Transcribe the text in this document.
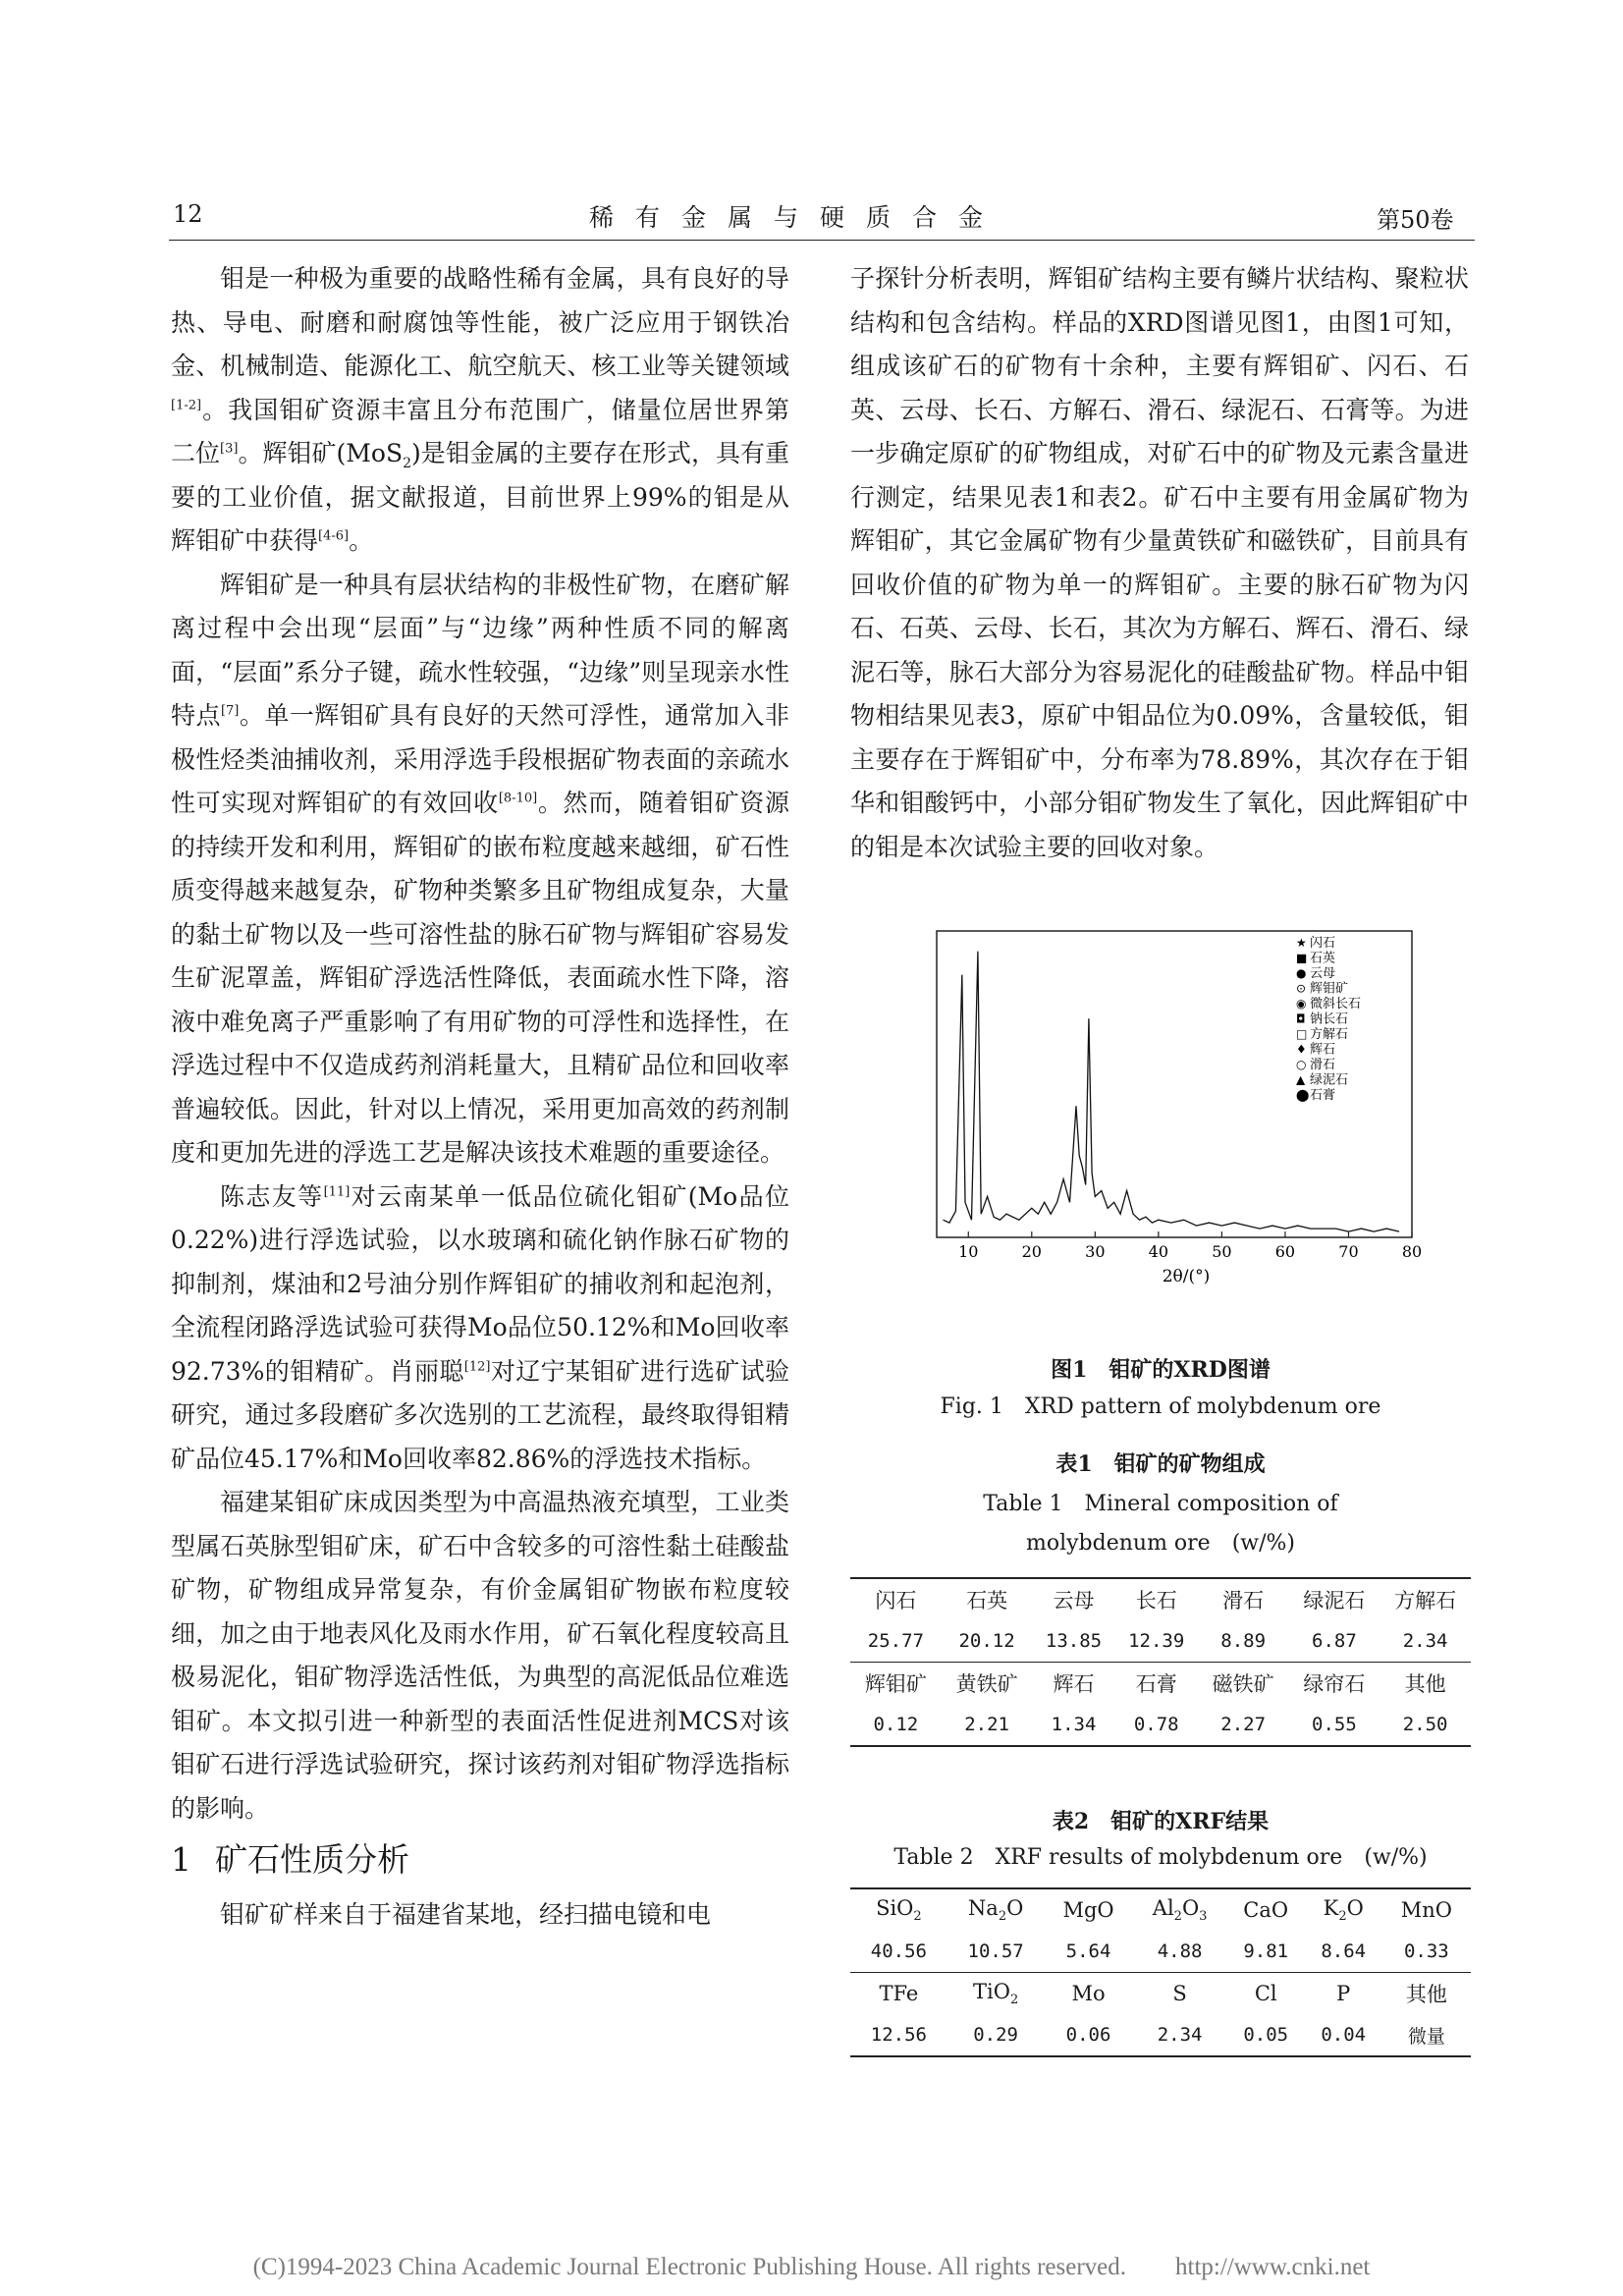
12	稀有金属与硬质合金	第50卷

钼是一种极为重要的战略性稀有金属，具有良好的导热、导电、耐磨和耐腐蚀等性能，被广泛应用于钢铁冶金、机械制造、能源化工、航空航天、核工业等关键领域[1-2]。我国钼矿资源丰富且分布范围广，储量位居世界第二位[3]。辉钼矿(MoS$_2$)是钼金属的主要存在形式，具有重要的工业价值，据文献报道，目前世界上99%的钼是从辉钼矿中获得[4-6]。

辉钼矿是一种具有层状结构的非极性矿物，在磨矿解离过程中会出现“层面”与“边缘”两种性质不同的解离面，“层面”系分子键，疏水性较强，“边缘”则呈现亲水性特点[7]。单一辉钼矿具有良好的天然可浮性，通常加入非极性烃类油捕收剂，采用浮选手段根据矿物表面的亲疏水性可实现对辉钼矿的有效回收[8-10]。然而，随着钼矿资源的持续开发和利用，辉钼矿的嵌布粒度越来越细，矿石性质变得越来越复杂，矿物种类繁多且矿物组成复杂，大量的黏土矿物以及一些可溶性盐的脉石矿物与辉钼矿容易发生矿泥罩盖，辉钼矿浮选活性降低，表面疏水性下降，溶液中难免离子严重影响了有用矿物的可浮性和选择性，在浮选过程中不仅造成药剂消耗量大，且精矿品位和回收率普遍较低。因此，针对以上情况，采用更加高效的药剂制度和更加先进的浮选工艺是解决该技术难题的重要途径。

陈志友等[11]对云南某单一低品位硫化钼矿(Mo品位0.22%)进行浮选试验，以水玻璃和硫化钠作脉石矿物的抑制剂，煤油和2号油分别作辉钼矿的捕收剂和起泡剂，全流程闭路浮选试验可获得Mo品位50.12%和Mo回收率92.73%的钼精矿。肖丽聪[12]对辽宁某钼矿进行选矿试验研究，通过多段磨矿多次选别的工艺流程，最终取得钼精矿品位45.17%和Mo回收率82.86%的浮选技术指标。

福建某钼矿床成因类型为中高温热液充填型，工业类型属石英脉型钼矿床，矿石中含较多的可溶性黏土硅酸盐矿物，矿物组成异常复杂，有价金属钼矿物嵌布粒度较细，加之由于地表风化及雨水作用，矿石氧化程度较高且极易泥化，钼矿物浮选活性低，为典型的高泥低品位难选钼矿。本文拟引进一种新型的表面活性促进剂MCS对该钼矿石进行浮选试验研究，探讨该药剂对钼矿物浮选指标的影响。

1 矿石性质分析

钼矿矿样来自于福建省某地，经扫描电镜和电

子探针分析表明，辉钼矿结构主要有鳞片状结构、聚粒状结构和包含结构。样品的XRD图谱见图1，由图1可知，组成该矿石的矿物有十余种，主要有辉钼矿、闪石、石英、云母、长石、方解石、滑石、绿泥石、石膏等。为进一步确定原矿的矿物组成，对矿石中的矿物及元素含量进行测定，结果见表1和表2。矿石中主要有用金属矿物为辉钼矿，其它金属矿物有少量黄铁矿和磁铁矿，目前具有回收价值的矿物为单一的辉钼矿。主要的脉石矿物为闪石、石英、云母、长石，其次为方解石、辉石、滑石、绿泥石等，脉石大部分为容易泥化的硅酸盐矿物。样品中钼物相结果见表3，原矿中钼品位为0.09%，含量较低，钼主要存在于辉钼矿中，分布率为78.89%，其次存在于钼华和钼酸钙中，小部分钼矿物发生了氧化，因此辉钼矿中的钼是本次试验主要的回收对象。

10	20	30	40	50	60	70	80
★ 闪石
■ 石英
● 云母
⊙ 辉钼矿
◉ 微斜长石
◘ 钠长石
□ 方解石
♦ 辉石
○ 滑石
▲ 绿泥石
⬤ 石膏
2θ/(°)
图1　钼矿的XRD图谱
Fig. 1　XRD pattern of molybdenum ore
表1　钼矿的矿物组成
Table 1　Mineral composition of
molybdenum ore　(w/%)
闪石	石英	云母	长石	滑石	绿泥石	方解石
25.77	20.12	13.85	12.39	8.89	6.87	2.34
辉钼矿	黄铁矿	辉石	石膏	磁铁矿	绿帘石	其他
0.12	2.21	1.34	0.78	2.27	0.55	2.50
表2　钼矿的XRF结果
Table 2　XRF results of molybdenum ore　(w/%)
SiO$_2$	$Na_2O$	MgO	$Al_2O_3$	CaO	$K_2O$	MnO
40.56	10.57	5.64	4.88	9.81	8.64	0.33
TFe	TiO$_2$	Mo	S	Cl	P	其他
12.56	0.29	0.06	2.34	0.05	0.04	微量
(C)1994-2023 China Academic Journal Electronic Publishing House. All rights reserved.　　http://www.cnki.net
